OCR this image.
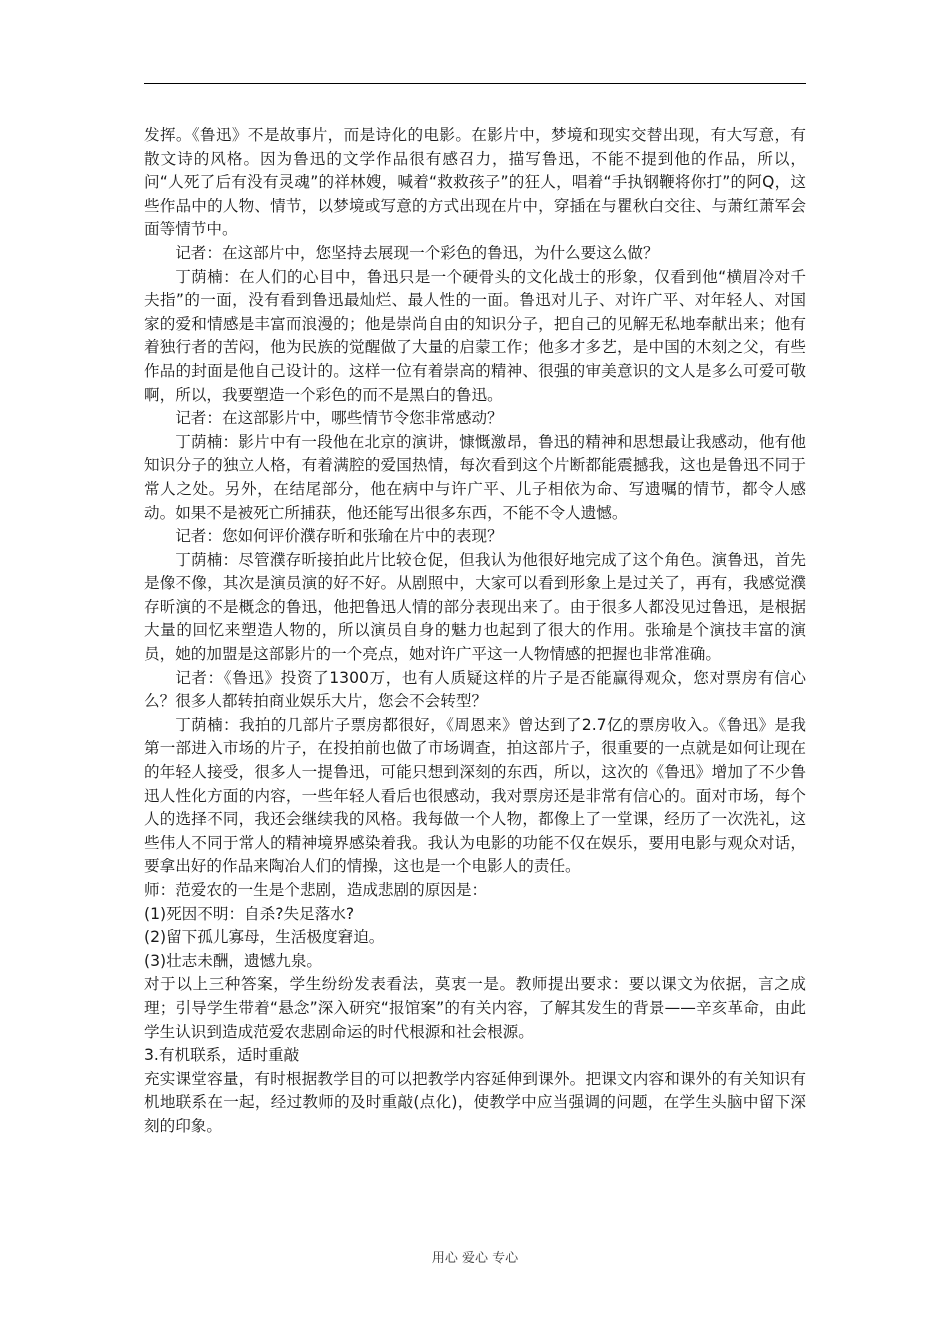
发挥。《鲁迅》不是故事片，而是诗化的电影。在影片中，梦境和现实交替出现，有大写意，有散文诗的风格。因为鲁迅的文学作品很有感召力，描写鲁迅，不能不提到他的作品，所以，问“人死了后有没有灵魂”的祥林嫂，喊着“救救孩子”的狂人，唱着“手执钢鞭将你打”的阿Q，这些作品中的人物、情节，以梦境或写意的方式出现在片中，穿插在与瞿秋白交往、与萧红萧军会面等情节中。

记者：在这部片中，您坚持去展现一个彩色的鲁迅，为什么要这么做？

丁荫楠：在人们的心目中，鲁迅只是一个硬骨头的文化战士的形象，仅看到他“横眉冷对千夫指”的一面，没有看到鲁迅最灿烂、最人性的一面。鲁迅对儿子、对许广平、对年轻人、对国家的爱和情感是丰富而浪漫的；他是崇尚自由的知识分子，把自己的见解无私地奉献出来；他有着独行者的苦闷，他为民族的觉醒做了大量的启蒙工作；他多才多艺，是中国的木刻之父，有些作品的封面是他自己设计的。这样一位有着崇高的精神、很强的审美意识的文人是多么可爱可敬啊，所以，我要塑造一个彩色的而不是黑白的鲁迅。

记者：在这部影片中，哪些情节令您非常感动？

丁荫楠：影片中有一段他在北京的演讲，慷慨激昂，鲁迅的精神和思想最让我感动，他有他知识分子的独立人格，有着满腔的爱国热情，每次看到这个片断都能震撼我，这也是鲁迅不同于常人之处。另外，在结尾部分，他在病中与许广平、儿子相依为命、写遗嘱的情节，都令人感动。如果不是被死亡所捕获，他还能写出很多东西，不能不令人遗憾。

记者：您如何评价濮存昕和张瑜在片中的表现？

丁荫楠：尽管濮存昕接拍此片比较仓促，但我认为他很好地完成了这个角色。演鲁迅，首先是像不像，其次是演员演的好不好。从剧照中，大家可以看到形象上是过关了，再有，我感觉濮存昕演的不是概念的鲁迅，他把鲁迅人情的部分表现出来了。由于很多人都没见过鲁迅，是根据大量的回忆来塑造人物的，所以演员自身的魅力也起到了很大的作用。张瑜是个演技丰富的演员，她的加盟是这部影片的一个亮点，她对许广平这一人物情感的把握也非常准确。

记者：《鲁迅》投资了1300万，也有人质疑这样的片子是否能赢得观众，您对票房有信心么？很多人都转拍商业娱乐大片，您会不会转型？

丁荫楠：我拍的几部片子票房都很好，《周恩来》曾达到了2.7亿的票房收入。《鲁迅》是我第一部进入市场的片子，在投拍前也做了市场调查，拍这部片子，很重要的一点就是如何让现在的年轻人接受，很多人一提鲁迅，可能只想到深刻的东西，所以，这次的《鲁迅》增加了不少鲁迅人性化方面的内容，一些年轻人看后也很感动，我对票房还是非常有信心的。面对市场，每个人的选择不同，我还会继续我的风格。我每做一个人物，都像上了一堂课，经历了一次洗礼，这些伟人不同于常人的精神境界感染着我。我认为电影的功能不仅在娱乐，要用电影与观众对话，要拿出好的作品来陶冶人们的情操，这也是一个电影人的责任。

师：范爱农的一生是个悲剧，造成悲剧的原因是：

(1)死因不明：自杀?失足落水?

(2)留下孤儿寡母，生活极度窘迫。

(3)壮志未酬，遗憾九泉。

对于以上三种答案，学生纷纷发表看法，莫衷一是。教师提出要求：要以课文为依据，言之成理；引导学生带着“悬念”深入研究“报馆案”的有关内容，了解其发生的背景——辛亥革命，由此学生认识到造成范爱农悲剧命运的时代根源和社会根源。

3.有机联系，适时重敲

充实课堂容量，有时根据教学目的可以把教学内容延伸到课外。把课文内容和课外的有关知识有机地联系在一起，经过教师的及时重敲(点化)，使教学中应当强调的问题，在学生头脑中留下深刻的印象。

用心 爱心 专心
